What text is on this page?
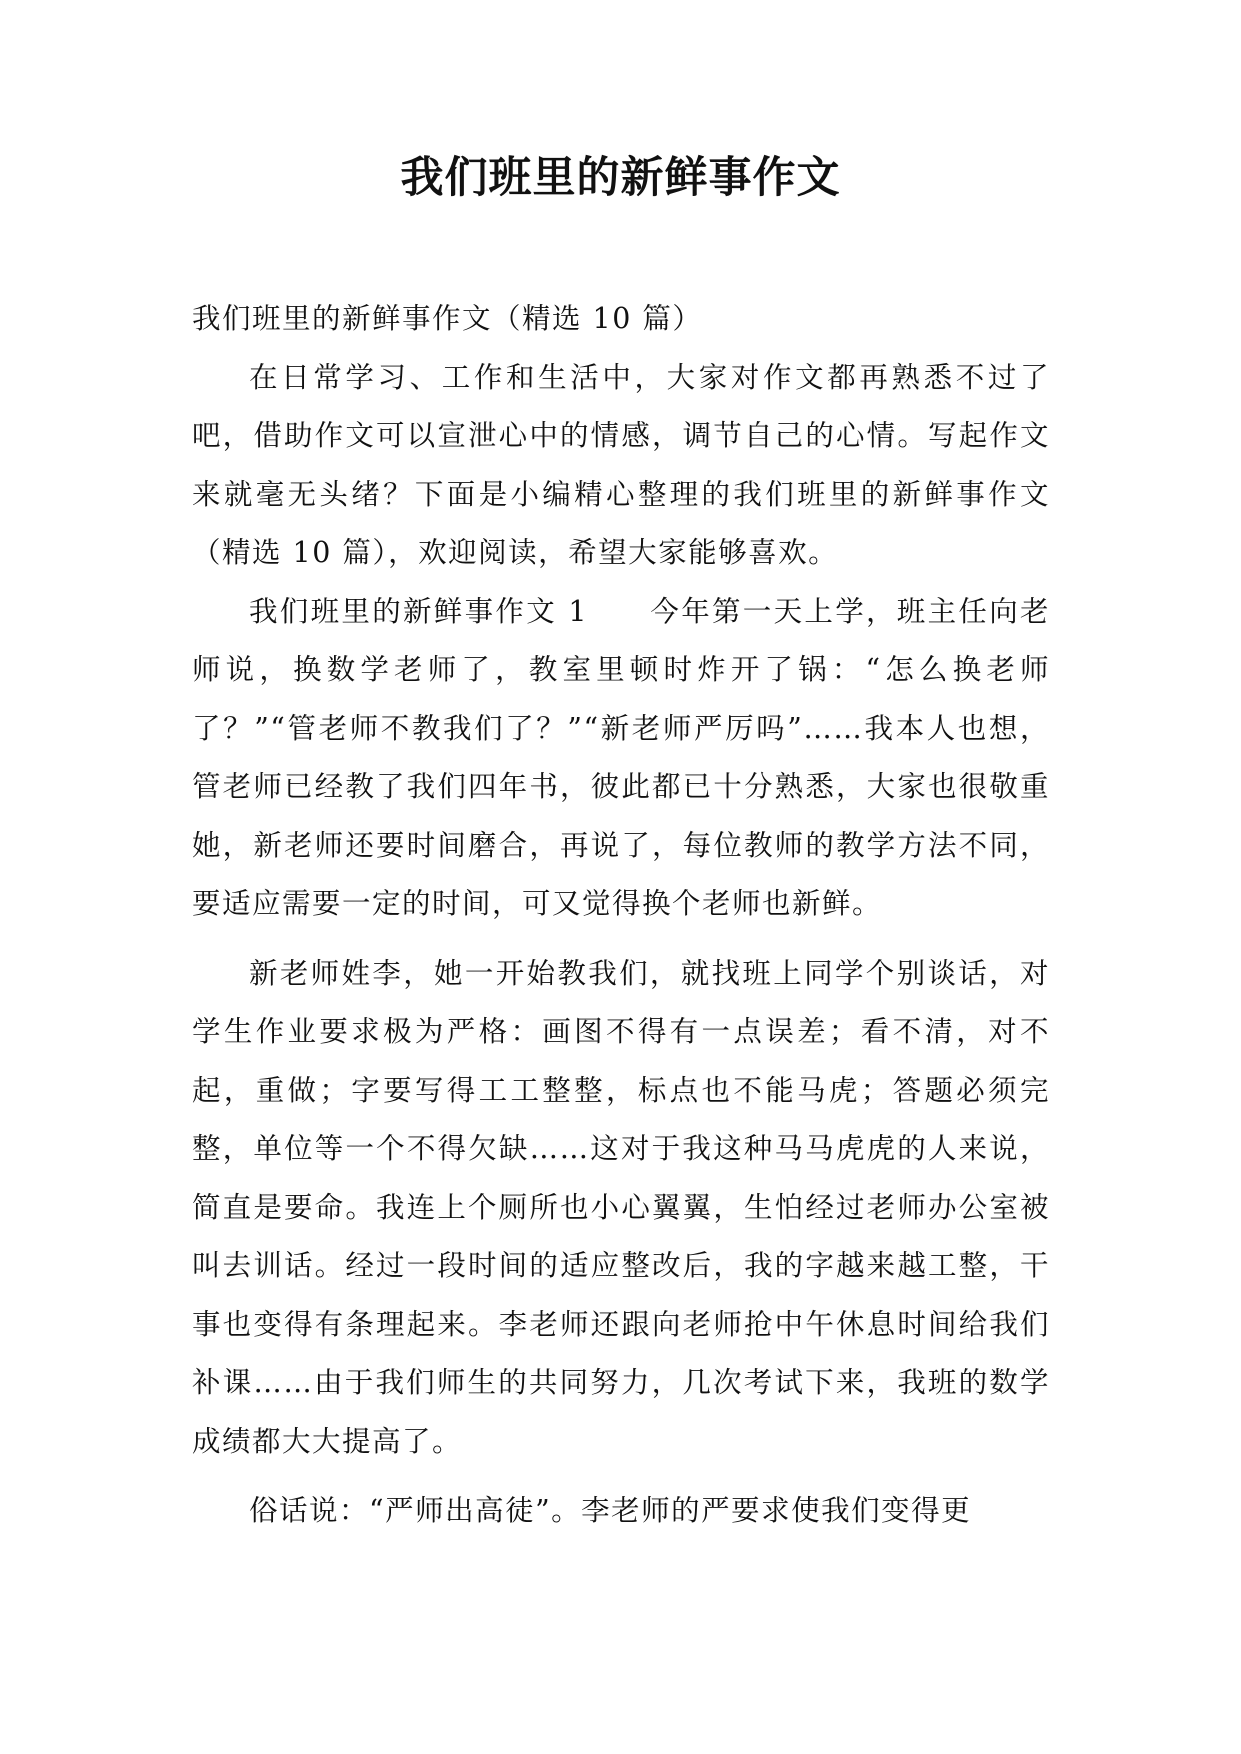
我们班里的新鲜事作文

我们班里的新鲜事作文（精选 10 篇）

在日常学习、工作和生活中，大家对作文都再熟悉不过了吧，借助作文可以宣泄心中的情感，调节自己的心情。写起作文来就毫无头绪？下面是小编精心整理的我们班里的新鲜事作文（精选 10 篇），欢迎阅读，希望大家能够喜欢。

我们班里的新鲜事作文 1　　今年第一天上学，班主任向老师说，换数学老师了，教室里顿时炸开了锅：“怎么换老师了？”“管老师不教我们了？”“新老师严厉吗”……我本人也想，管老师已经教了我们四年书，彼此都已十分熟悉，大家也很敬重她，新老师还要时间磨合，再说了，每位教师的教学方法不同，要适应需要一定的时间，可又觉得换个老师也新鲜。

新老师姓李，她一开始教我们，就找班上同学个别谈话，对学生作业要求极为严格：画图不得有一点误差；看不清，对不起，重做；字要写得工工整整，标点也不能马虎；答题必须完整，单位等一个不得欠缺……这对于我这种马马虎虎的人来说，简直是要命。我连上个厕所也小心翼翼，生怕经过老师办公室被叫去训话。经过一段时间的适应整改后，我的字越来越工整，干事也变得有条理起来。李老师还跟向老师抢中午休息时间给我们补课……由于我们师生的共同努力，几次考试下来，我班的数学成绩都大大提高了。

俗话说：“严师出高徒”。李老师的严要求使我们变得更
